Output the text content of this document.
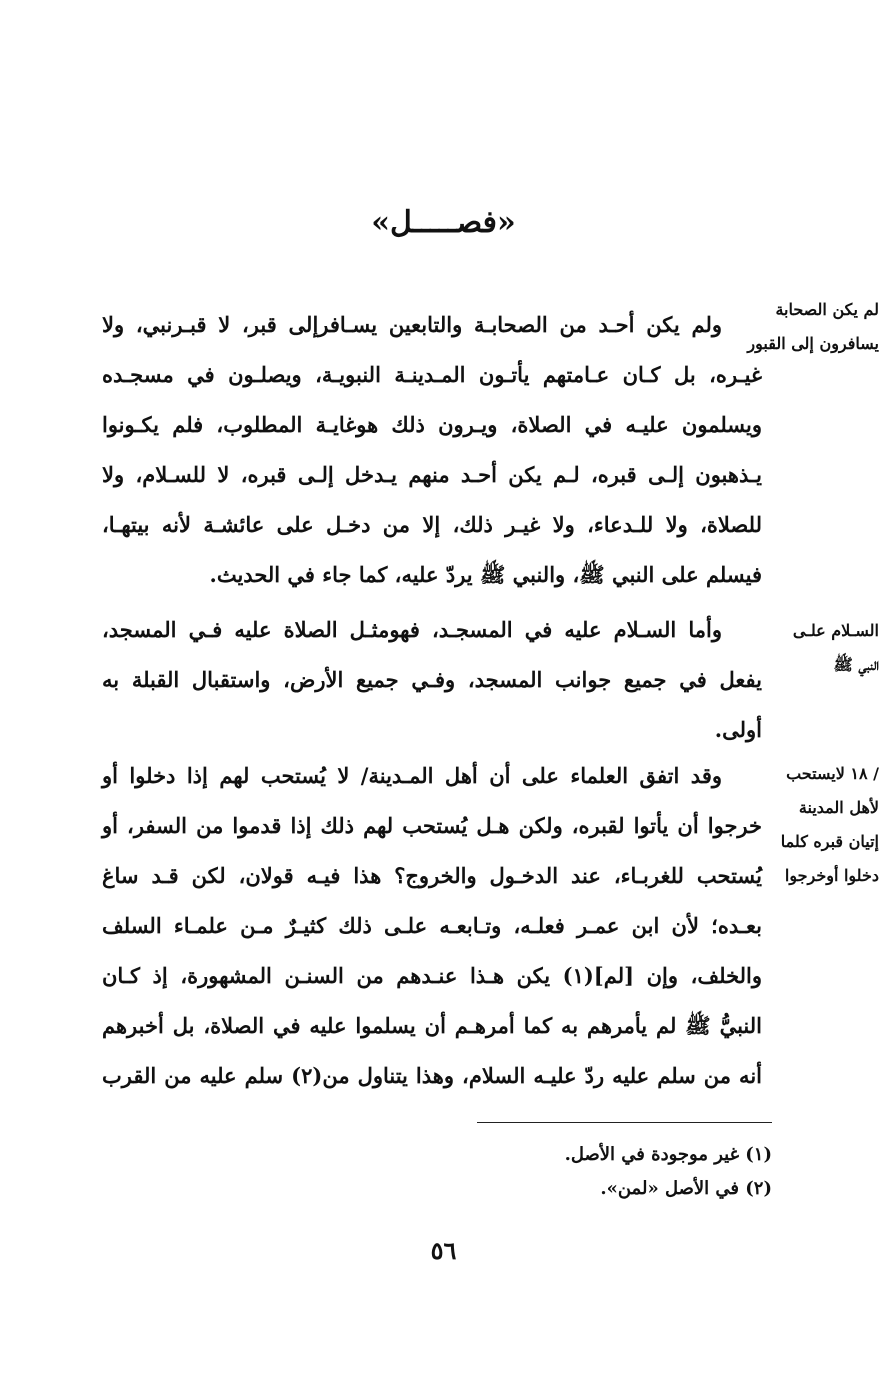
«فصـــــل»
لم يكن الصحابة
يسافرون إلى القبور
السـلام علـى
النبي ﷺ
/ ١٨ لايستحب
لأهل المدينة
إتيان قبره كلما
دخلوا أوخرجوا
ولم يكن أحـد من الصحابـة والتابعين يسـافرإلى قبر، لا قبـرنبي، ولا
غيـره، بل كـان عـامتهم يأتـون المـدينـة النبويـة، ويصلـون في مسجـده
ويسلمون عليـه في الصلاة، ويـرون ذلك هوغايـة المطلوب، فلم يكـونوا
يـذهبون إلـى قبره، لـم يكن أحـد منهم يـدخل إلـى قبره، لا للسـلام، ولا
للصلاة، ولا للـدعاء، ولا غيـر ذلك، إلا من دخـل على عائشـة لأنه بيتهـا،
فيسلم على النبي ﷺ، والنبي ﷺ يردّ عليه، كما جاء في الحديث.
وأما السـلام عليه في المسجـد، فهومثـل الصلاة عليه فـي المسجد،
يفعل في جميع جوانب المسجد، وفـي جميع الأرض، واستقبال القبلة به
أولى.
وقد اتفق العلماء على أن أهل المـدينة/ لا يُستحب لهم إذا دخلوا أو
خرجوا أن يأتوا لقبره، ولكن هـل يُستحب لهم ذلك إذا قدموا من السفر، أو
يُستحب للغربـاء، عند الدخـول والخروج؟ هذا فيـه قولان، لكن قـد ساغ
بعـده؛ لأن ابن عمـر فعلـه، وتـابعـه علـى ذلك كثيـرٌ مـن علمـاء السلف
والخلف، وإن [لم](١) يكن هـذا عنـدهم من السنـن المشهورة، إذ كـان
النبيُّ ﷺ لم يأمرهم به كما أمرهـم أن يسلموا عليه في الصلاة، بل أخبرهم
أنه من سلم عليه ردّ عليـه السلام، وهذا يتناول من(٢) سلم عليه من القرب
(١) غير موجودة في الأصل.
(٢) في الأصل «لمن».
٥٦
